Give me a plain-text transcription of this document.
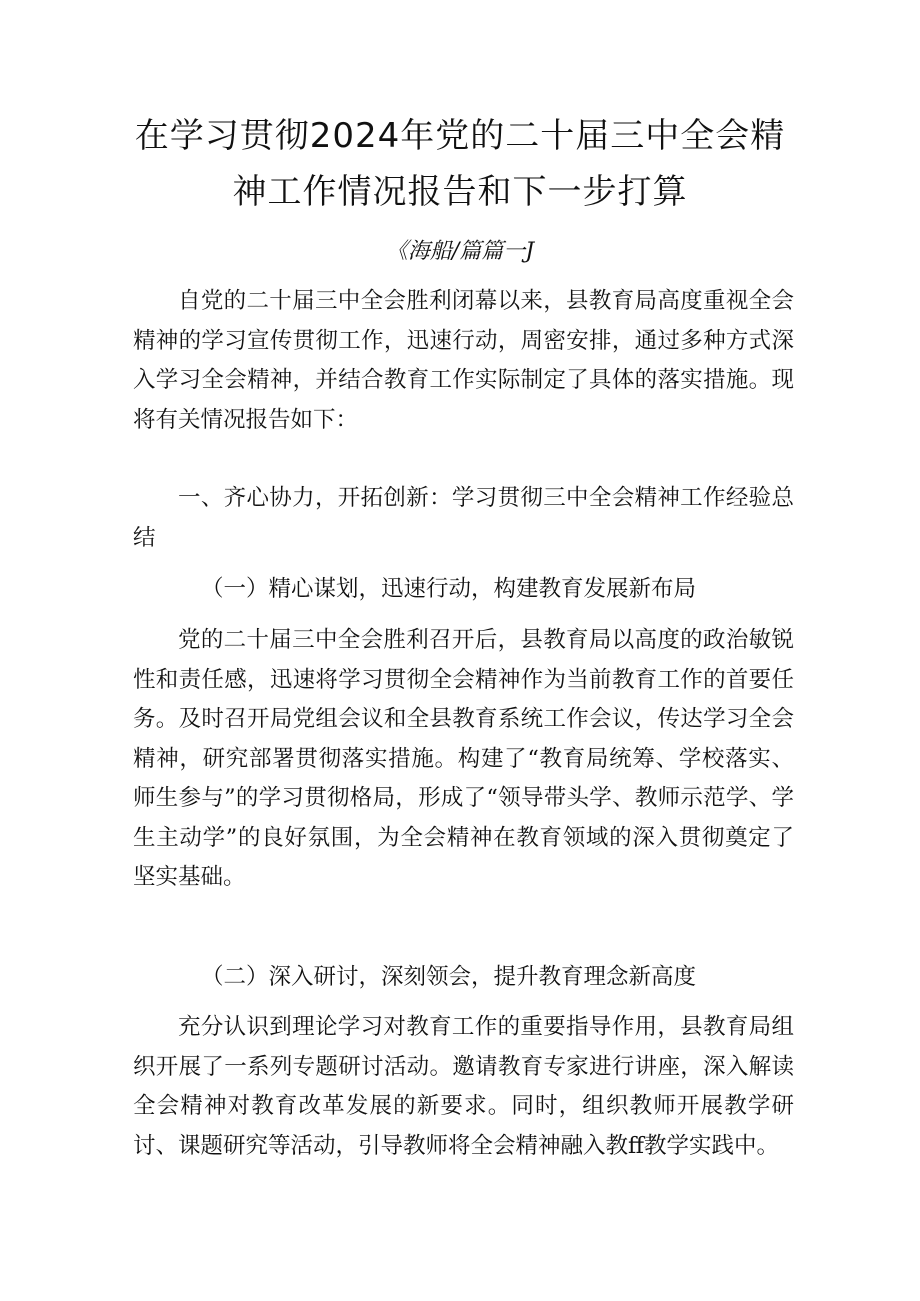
在学习贯彻2024年党的二十届三中全会精
神工作情况报告和下一步打算
《海船/篇篇一J

自党的二十届三中全会胜利闭幕以来，县教育局高度重视全会精神的学习宣传贯彻工作，迅速行动，周密安排，通过多种方式深入学习全会精神，并结合教育工作实际制定了具体的落实措施。现将有关情况报告如下：

一、齐心协力，开拓创新：学习贯彻三中全会精神工作经验总结

（一）精心谋划，迅速行动，构建教育发展新布局

党的二十届三中全会胜利召开后，县教育局以高度的政治敏锐性和责任感，迅速将学习贯彻全会精神作为当前教育工作的首要任务。及时召开局党组会议和全县教育系统工作会议，传达学习全会精神，研究部署贯彻落实措施。构建了“教育局统筹、学校落实、师生参与”的学习贯彻格局，形成了“领导带头学、教师示范学、学生主动学”的良好氛围，为全会精神在教育领域的深入贯彻奠定了坚实基础。

（二）深入研讨，深刻领会，提升教育理念新高度

充分认识到理论学习对教育工作的重要指导作用，县教育局组织开展了一系列专题研讨活动。邀请教育专家进行讲座，深入解读全会精神对教育改革发展的新要求。同时，组织教师开展教学研讨、课题研究等活动，引导教师将全会精神融入教ff教学实践中。
